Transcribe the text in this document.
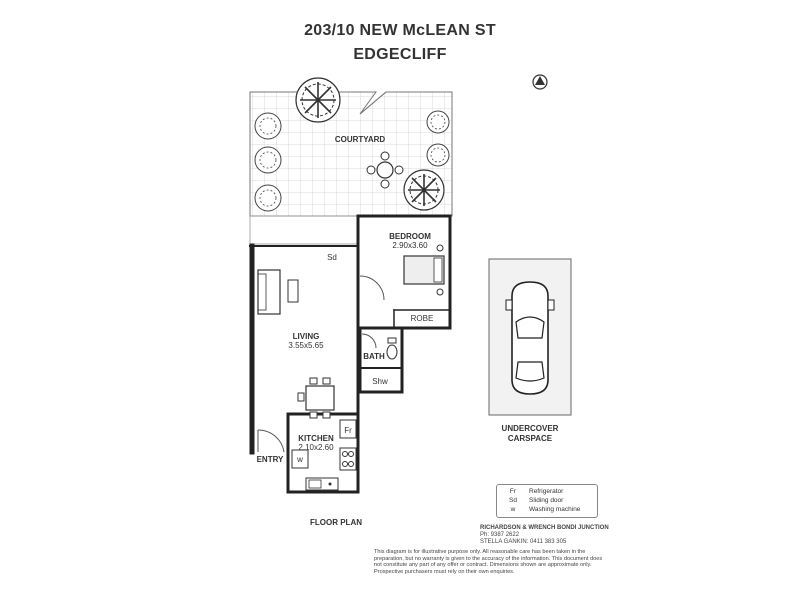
203/10 NEW McLEAN ST
EDGECLIFF
COURTYARD
BEDROOM
2.90x3.60
ROBE
LIVING
3.55x5.65
BATH
Shw
KITCHEN
2.10x2.60
Fr
w
Sd
ENTRY
UNDERCOVER
CARSPACE
FLOOR PLAN
Fr	Refrigerator
Sd	Sliding door
w	Washing machine
RICHARDSON & WRENCH BONDI JUNCTION
Ph: 9387 2622
STELLA GANKIN: 0411 383 305
This diagram is for illustrative purpose only. All reasonable care has been taken in the preparation, but no warranty is given to the accuracy of the information. This document does not constitute any part of any offer or contract. Dimensions shown are approximate only. Prospective purchasers must rely on their own enquiries.
